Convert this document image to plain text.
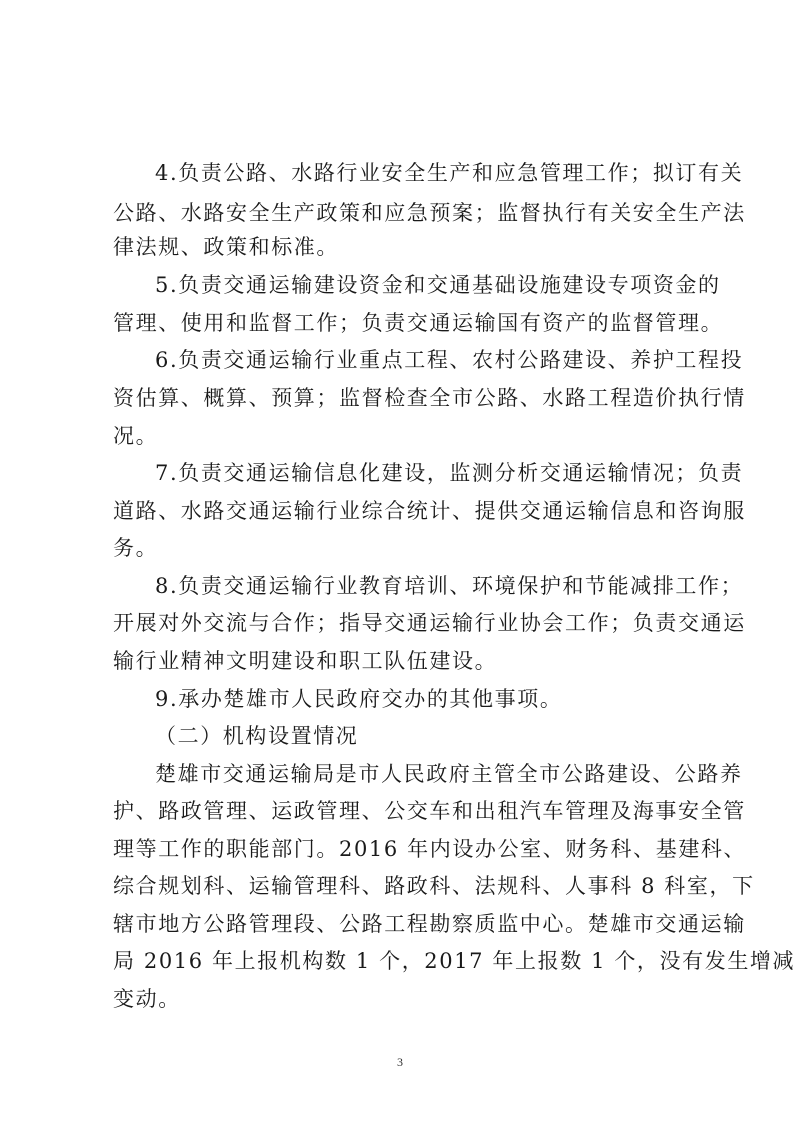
4.负责公路、水路行业安全生产和应急管理工作；拟订有关
公路、水路安全生产政策和应急预案；监督执行有关安全生产法
律法规、政策和标准。
5.负责交通运输建设资金和交通基础设施建设专项资金的
管理、使用和监督工作；负责交通运输国有资产的监督管理。
6.负责交通运输行业重点工程、农村公路建设、养护工程投
资估算、概算、预算；监督检查全市公路、水路工程造价执行情
况。
7.负责交通运输信息化建设，监测分析交通运输情况；负责
道路、水路交通运输行业综合统计、提供交通运输信息和咨询服
务。
8.负责交通运输行业教育培训、环境保护和节能减排工作；
开展对外交流与合作；指导交通运输行业协会工作；负责交通运
输行业精神文明建设和职工队伍建设。
9.承办楚雄市人民政府交办的其他事项。
（二）机构设置情况
楚雄市交通运输局是市人民政府主管全市公路建设、公路养
护、路政管理、运政管理、公交车和出租汽车管理及海事安全管
理等工作的职能部门。2016 年内设办公室、财务科、基建科、
综合规划科、运输管理科、路政科、法规科、人事科 8 科室，下
辖市地方公路管理段、公路工程勘察质监中心。楚雄市交通运输
局 2016 年上报机构数 1 个，2017 年上报数 1 个，没有发生增减
变动。
3
